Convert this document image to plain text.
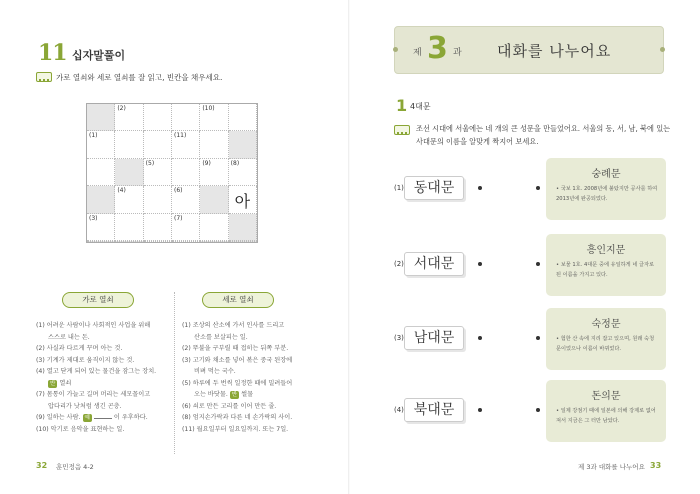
11 십자말풀이
가로 열쇠와 세로 열쇠를 잘 읽고, 빈칸을 채우세요.
(2)	(10)
(1)	(11)
(5)	(9)	(8)
(4)	(6)
아
(3)	(7)
가로 열쇠	세로 열쇠
(1) 어려운 사람이나 사회적인 사업을 위해
스스로 내는 돈.
(2) 사실과 다르게 꾸며 아는 것.
(3) 기계가 제대로 움직이지 않는 것.
(4) 열고 닫게 되어 있는 물건을 잠그는 장치.
반 열쇠
(7) 몸통이 가늘고 길며 머리는 세모꼴이고
압다리가 낫처럼 생긴 곤충.
(9) 일하는 사람. 예	이 우후하다.
(10) 악기로 음악을 표현하는 일.
(1) 조상의 산소에 가서 인사를 드리고
산소를 보살피는 일.
(2) 뚜불을 구부릴 때 접히는 뒤쪽 부분.
(3) 고기와 채소를 넣어 볶은 중국 된장에
비벼 먹는 국수.
(5) 하루에 두 번씩 일정한 때에 밀려들어
오는 바닷물. 반 썰물
(6) 쇠로 만든 고리를 이어 만든 줄.
(8) 엄지손가락과 다른 네 손가락의 사이.
(11) 월요일부터 일요일까지. 또는 7일.
32 훈민정음 4-2
제 3 과 대화를 나누어요
1 4대문
조선 시대에 서울에는 네 개의 큰 성문을 만들었어요. 서울의 동, 서, 남, 북에 있는 사대문의 이름을 알맞게 짝지어 보세요.
(1) 동대문
숭례문
• 국보 1호. 2008년에 불탔지만 공사를 하여 2013년에 완공되었다.
(2) 서대문
흥인지문
• 보물 1호. 4대문 중에 유일하게 네 글자로 된 이름을 가지고 있다.
(3) 남대문
숙정문
• 험한 산 속에 지리 잡고 있으며, 원래 숙청문이었으나 이름이 바뀌었다.
(4) 북대문
돈의문
• 일제 강점기 때에 일본에 의해 강제로 없어져서 지금은 그 터만 남았다.
제 3과 대화를 나누어요 33
